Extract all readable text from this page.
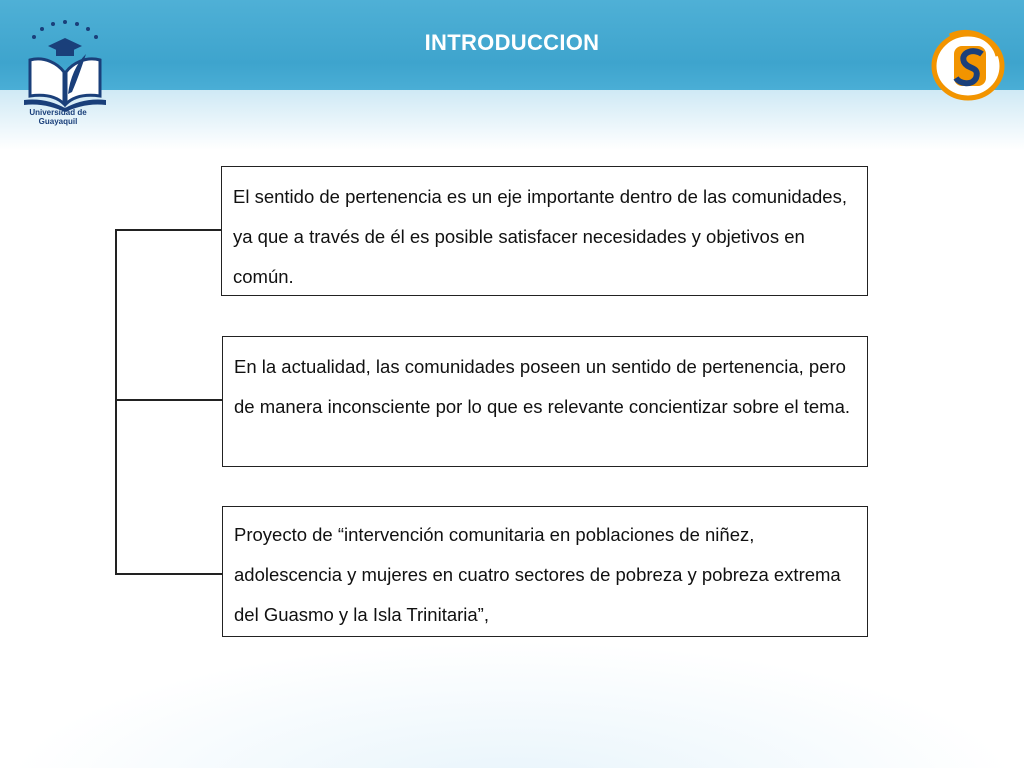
INTRODUCCION
Universidad de Guayaquil
El sentido de pertenencia es un eje importante dentro de las comunidades, ya que a través de él es posible satisfacer necesidades y objetivos en común.
En la actualidad, las comunidades poseen un sentido de pertenencia, pero de manera inconsciente por lo que es relevante concientizar sobre el tema.
Proyecto de “intervención comunitaria en poblaciones de niñez, adolescencia y mujeres en cuatro sectores de pobreza y pobreza extrema del Guasmo y la Isla Trinitaria”,
